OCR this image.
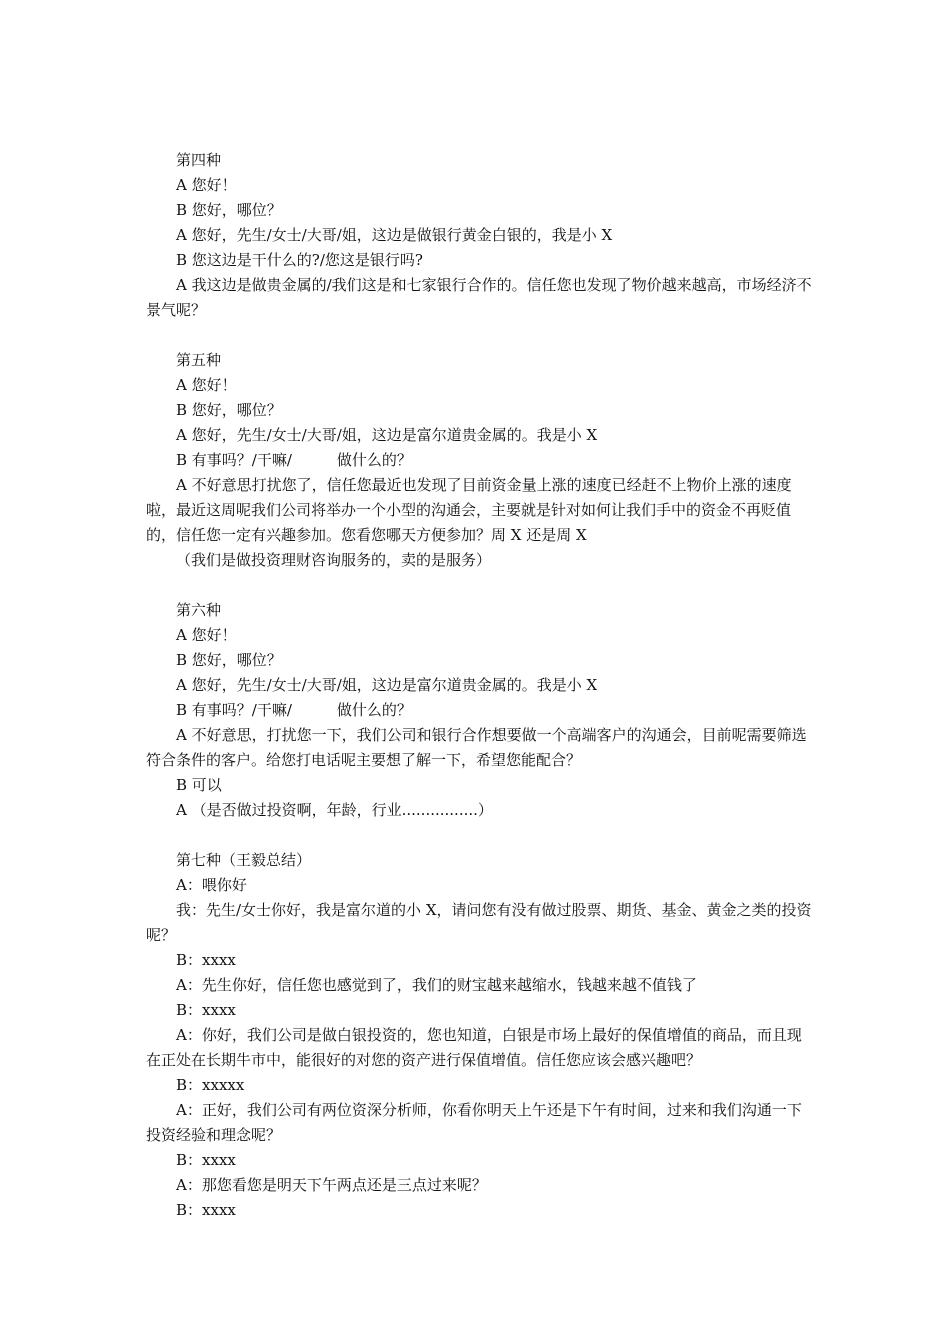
第四种

A 您好！

B 您好，哪位？

A 您好，先生/女士/大哥/姐，这边是做银行黄金白银的，我是小 X

B 您这边是干什么的?/您这是银行吗?

A 我这边是做贵金属的/我们这是和七家银行合作的。信任您也发现了物价越来越高，市场经济不景气呢？

第五种

A 您好！

B 您好，哪位？

A 您好，先生/女士/大哥/姐，这边是富尔道贵金属的。我是小 X

B 有事吗？/干嘛/　　　做什么的？

A 不好意思打扰您了，信任您最近也发现了目前资金量上涨的速度已经赶不上物价上涨的速度啦，最近这周呢我们公司将举办一个小型的沟通会，主要就是针对如何让我们手中的资金不再贬值的，信任您一定有兴趣参加。您看您哪天方便参加？周 X 还是周 X

（我们是做投资理财咨询服务的，卖的是服务）

第六种

A 您好！

B 您好，哪位？

A 您好，先生/女士/大哥/姐，这边是富尔道贵金属的。我是小 X

B 有事吗？/干嘛/　　　做什么的？

A 不好意思，打扰您一下，我们公司和银行合作想要做一个高端客户的沟通会，目前呢需要筛选符合条件的客户。给您打电话呢主要想了解一下，希望您能配合？

B 可以

A （是否做过投资啊，年龄，行业................）

第七种（王毅总结）

A：喂你好

我：先生/女士你好，我是富尔道的小 X，请问您有没有做过股票、期货、基金、黄金之类的投资呢？

B：xxxx

A：先生你好，信任您也感觉到了，我们的财宝越来越缩水，钱越来越不值钱了

B：xxxx

A：你好，我们公司是做白银投资的，您也知道，白银是市场上最好的保值增值的商品，而且现在正处在长期牛市中，能很好的对您的资产进行保值增值。信任您应该会感兴趣吧？

B：xxxxx

A：正好，我们公司有两位资深分析师，你看你明天上午还是下午有时间，过来和我们沟通一下投资经验和理念呢？

B：xxxx

A：那您看您是明天下午两点还是三点过来呢？

B：xxxx
